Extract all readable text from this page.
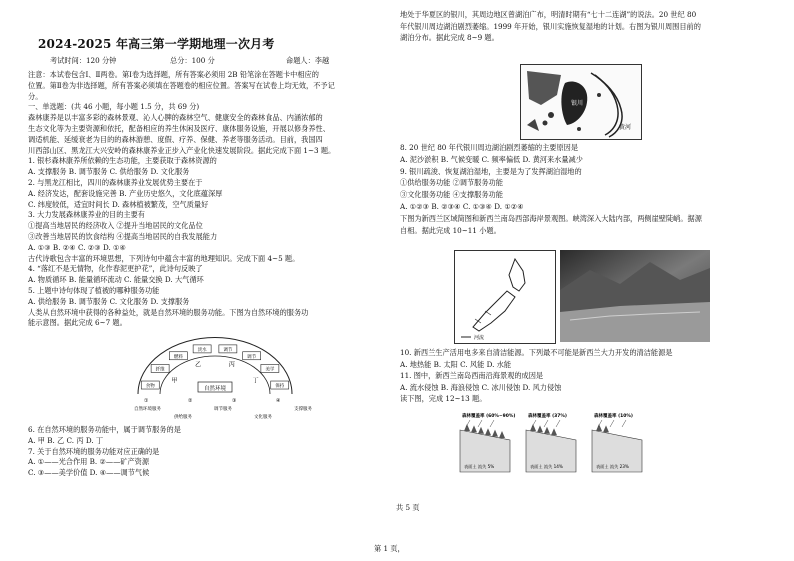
2024-2025 年高三第一学期地理一次月考
考试时间：120 分钟	总分：100 分	命题人：李越
注意：本试卷包含Ⅰ、Ⅱ两卷。第Ⅰ卷为选择题，所有答案必须用 2B 铅笔涂在答题卡中相应的
位置。第Ⅱ卷为非选择题，所有答案必须填在答题卷的相应位置。答案写在试卷上均无效，不予记
分。
一、单选题：(共 46 小题，每小题 1.5 分，共 69 分)
森林康养是以丰富多彩的森林景观、沁人心脾的森林空气、健康安全的森林食品、内涵浓郁的
生态文化等为主要资源和依托，配备相应的养生休闲及医疗、康体服务设施，开展以修身养性、
调适机能、延缓衰老为目的的森林游憩、度假、疗养、保健、养老等服务活动。目前，我国四
川西部山区、黑龙江大兴安岭的森林康养业正步入产业化快速发展阶段。据此完成下面 1~3 题。
1. 银杉森林康养所依赖的生态功能，主要获取于森林资源的
A. 支撑服务 B. 调节服务 C. 供给服务 D. 文化服务
2. 与黑龙江相比，四川的森林康养业发展优势主要在于
A. 经济发达，配套设施完善 B. 产业历史悠久，文化底蕴深厚
C. 纬度较低，适宜时间长 D. 森林植被繁茂，空气质量好
3. 大力发展森林康养业的目的主要有
①提高当地居民的经济收入 ②提升当地居民的文化品位
③改善当地居民的饮食结构 ④提高当地居民的自我发展能力
A. ①③ B. ②④ C. ②③ D. ①④
古代诗歌包含丰富的环境思想，下列诗句中蕴含丰富的地理知识。完成下面 4~5 题。
4. “落红不是无情物，化作春泥更护花”，此诗句反映了
A. 物质循环 B. 能量循环流动 C. 能量交换 D. 大气循环
5. 上题中诗句体现了植被的哪种服务功能
A. 供给服务 B. 调节服务 C. 文化服务 D. 支撑服务
人类从自然环境中获得的各种益处，就是自然环境的服务功能。下图为自然环境的服务功
能示意图。据此完成 6~7 题。
食物
纤维
燃料
淡水	调节
调节
美学
保持
自然环境
甲
乙	丙
丁
自然环境服务
供给服务
调节服务
文化服务
支撑服务
①	②	③	④
6. 在自然环境的服务功能中，属于调节服务的是
A. 甲 B. 乙 C. 丙 D. 丁
7. 关于自然环境的服务功能对应正确的是
A. ①——光合作用 B. ②——矿产资源
C. ③——美学价值 D. ④——调节气候
地处于华夏区的银川，其周边地区曾湖泊广布，明清时期有“七十二连湖”的说法。20 世纪 80
年代银川周边湖泊剧烈萎缩。1999 年开始，银川实施恢复湿地的计划。右图为银川周围目前的
湖泊分布。据此完成 8~9 题。
银川
黄河
8. 20 世纪 80 年代银川周边湖泊剧烈萎缩的主要原因是
A. 泥沙淤积 B. 气候变暖 C. 频率偏低 D. 黄河来水量减少
9. 银川疏浚、恢复湖泊湿地，主要是为了发挥湖泊湿地的
①供给服务功能 ②调节服务功能
③文化服务功能 ④支撑服务功能
A. ①②③ B. ②③④ C. ①③④ D. ①②④
下图为新西兰区域简图和新西兰南岛西部海岸景观图。峡湾深入大陆内部，两侧崖壁陡峭。据源
自相。据此完成 10~11 小题。
河流
10. 新西兰生产活用电多来自清洁能源。下列最不可能是新西兰大力开发的清洁能源是
A. 地热能 B. 太阳 C. 风能 D. 水能
11. 图中，新西兰南岛西南沿海景观的成因是
A. 流水侵蚀 B. 海浪侵蚀 C. 冰川侵蚀 D. 风力侵蚀
读下图，完成 12~13 题。
森林覆盖率 (60%~90%)
表面土 流失 5%
森林覆盖率 (37%)
表面土 流失 14%
森林覆盖率 (10%)
表面土 流失 23%
共 5 页
第 1 页，
